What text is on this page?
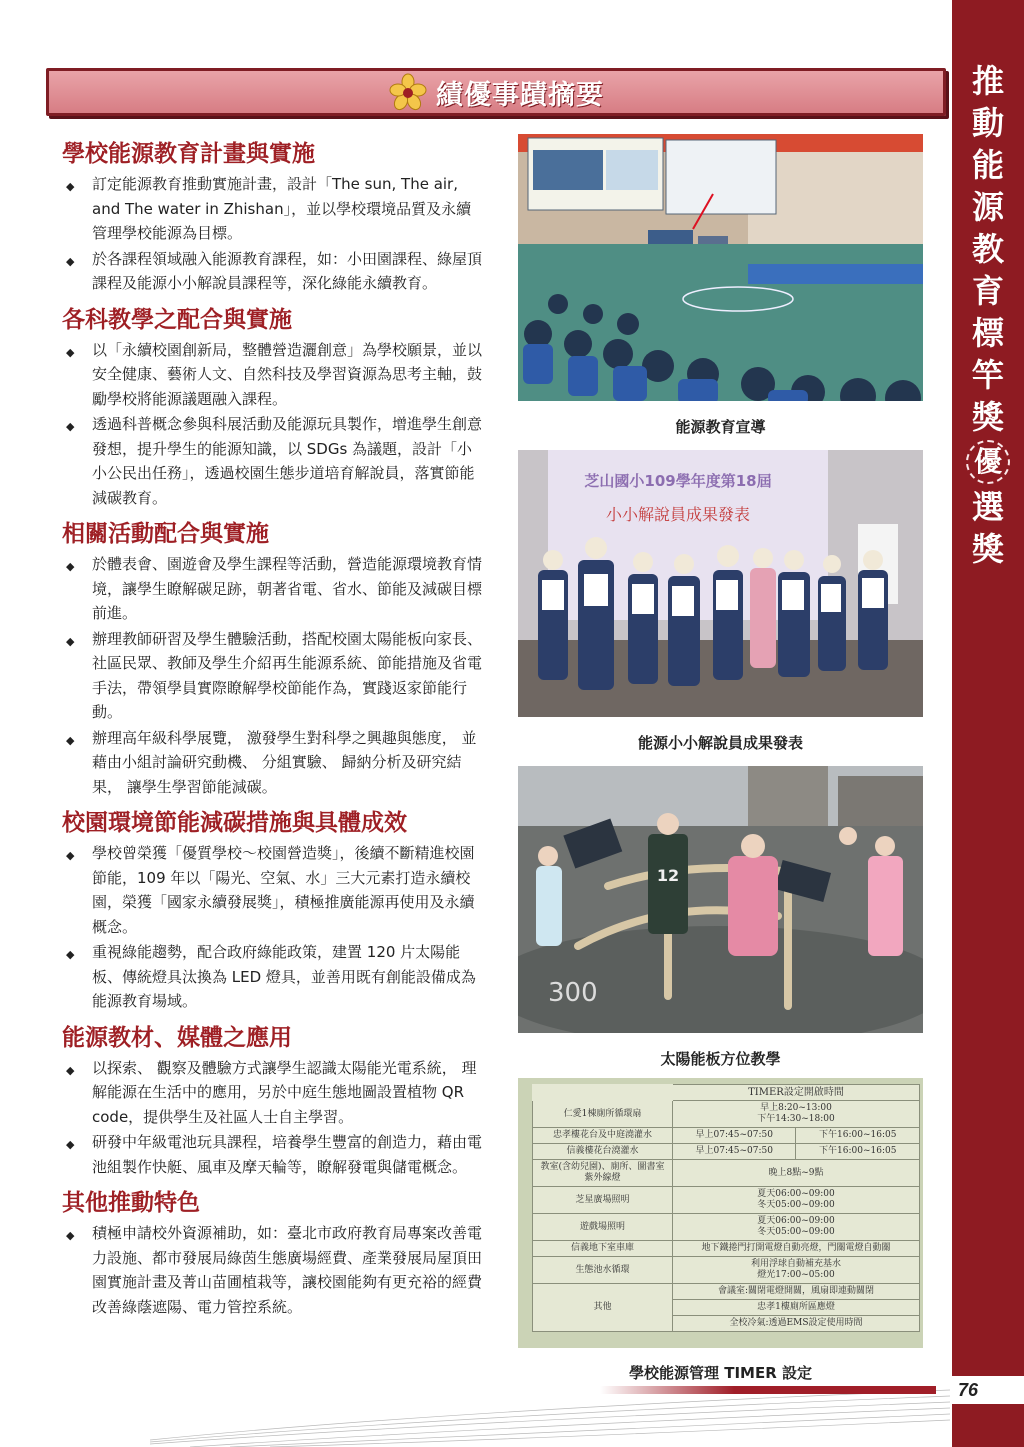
推
動
能
源
教
育
標
竿
獎
優
選
獎
績優事蹟摘要
學校能源教育計畫與實施
◆ 訂定能源教育推動實施計畫，設計「The sun, The air, and The water in Zhishan」，並以學校環境品質及永續管理學校能源為目標。
◆ 於各課程領域融入能源教育課程，如：小田園課程、綠屋頂課程及能源小小解說員課程等，深化綠能永續教育。
各科教學之配合與實施
◆ 以「永續校園創新局，整體營造灑創意」為學校願景，並以安全健康、藝術人文、自然科技及學習資源為思考主軸，鼓勵學校將能源議題融入課程。
◆ 透過科普概念參與科展活動及能源玩具製作，增進學生創意發想，提升學生的能源知識，以 SDGs 為議題，設計「小小公民出任務」，透過校園生態步道培育解說員，落實節能減碳教育。
相關活動配合與實施
◆ 於體表會、園遊會及學生課程等活動，營造能源環境教育情境，讓學生瞭解碳足跡，朝著省電、省水、節能及減碳目標前進。
◆ 辦理教師研習及學生體驗活動，搭配校園太陽能板向家長、社區民眾、教師及學生介紹再生能源系統、節能措施及省電手法，帶領學員實際瞭解學校節能作為，實踐返家節能行動。
◆ 辦理高年級科學展覽， 激發學生對科學之興趣與態度， 並藉由小組討論研究動機、 分組實驗、 歸納分析及研究結果， 讓學生學習節能減碳。
校園環境節能減碳措施與具體成效
◆ 學校曾榮獲「優質學校～校園營造獎」，後續不斷精進校園節能，109 年以「陽光、空氣、水」三大元素打造永續校園，榮獲「國家永續發展獎」，積極推廣能源再使用及永續概念。
◆ 重視綠能趨勢，配合政府綠能政策，建置 120 片太陽能板、傳統燈具汰換為 LED 燈具，並善用既有創能設備成為能源教育場域。
能源教材、媒體之應用
◆ 以探索、 觀察及體驗方式讓學生認識太陽能光電系統， 理解能源在生活中的應用，另於中庭生態地圖設置植物 QR code，提供學生及社區人士自主學習。
◆ 研發中年級電池玩具課程，培養學生豐富的創造力，藉由電池組製作快艇、風車及摩天輪等，瞭解發電與儲電概念。
其他推動特色
◆ 積極申請校外資源補助，如：臺北市政府教育局專案改善電力設施、都市發展局綠茵生態廣場經費、產業發展局屋頂田園實施計畫及菁山苗圃植栽等，讓校園能夠有更充裕的經費改善綠蔭遮陽、電力管控系統。
能源教育宣導
芝山國小109學年度第18屆
小小解說員成果發表
能源小小解說員成果發表
300
12
太陽能板方位教學
	TIMER設定開啟時間	
仁愛1棟廁所循環扇	早上8:20~13:00
下午14:30~18:00	
忠孝樓花台及中庭澆灌水	早上07:45~07:50	下午16:00~16:05
信義樓花台澆灌水	早上07:45~07:50	下午16:00~16:05
教室(含幼兒園)、廁所、圖書室紫外線燈	晚上8點~9點	
芝星廣場照明	夏天06:00~09:00
冬天05:00~09:00	
遊戲場照明	夏天06:00~09:00
冬天05:00~09:00	
信義地下室車庫	地下鐵捲門打開電燈自動亮燈，門關電燈自動關	
生態池水循環	利用浮球自動補充基水
燈光17:00~05:00	
其他	會議室:關閉電燈開關，風扇即連動關閉	
	忠孝1樓廁所區應燈	
	全校冷氣:透過EMS設定使用時間	
學校能源管理 TIMER 設定
76
